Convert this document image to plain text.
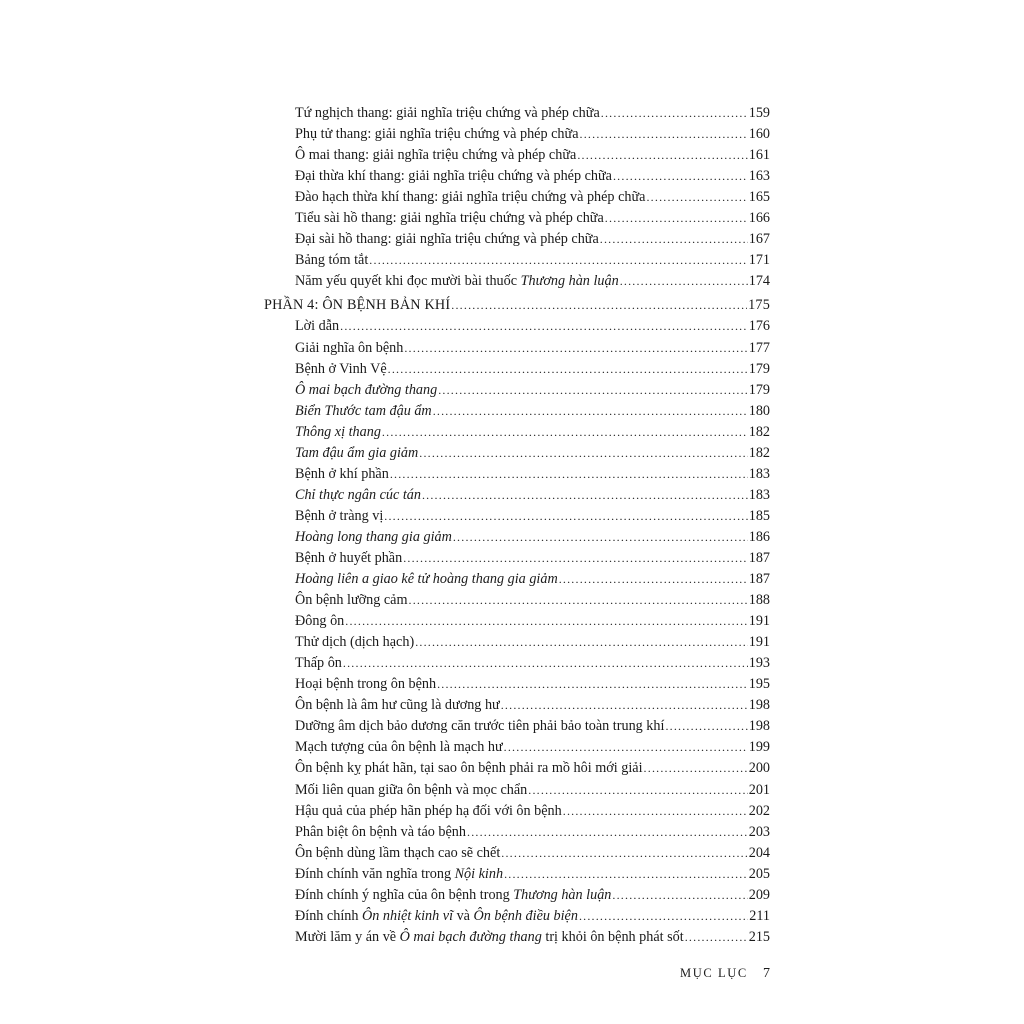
Tứ nghịch thang: giải nghĩa triệu chứng và phép chữa .....	159
Phụ tử thang: giải nghĩa triệu chứng và phép chữa .....	160
Ô mai thang: giải nghĩa triệu chứng và phép chữa .....	161
Đại thừa khí thang: giải nghĩa triệu chứng và phép chữa .....	163
Đào hạch thừa khí thang: giải nghĩa triệu chứng và phép chữa .....	165
Tiểu sài hồ thang: giải nghĩa triệu chứng và phép chữa .....	166
Đại sài hồ thang: giải nghĩa triệu chứng và phép chữa .....	167
Bảng tóm tắt .....	171
Năm yếu quyết khi đọc mười bài thuốc Thương hàn luận .....	174
PHẦN 4: ÔN BỆNH BẢN KHÍ .....	175
Lời dẫn .....	176
Giải nghĩa ôn bệnh .....	177
Bệnh ở Vinh Vệ .....	179
Ô mai bạch đường thang .....	179
Biển Thước tam đậu ẩm .....	180
Thông xị thang .....	182
Tam đậu ẩm gia giảm .....	182
Bệnh ở khí phần .....	183
Chỉ thực ngân cúc tán .....	183
Bệnh ở tràng vị .....	185
Hoàng long thang gia giảm .....	186
Bệnh ở huyết phần .....	187
Hoàng liên a giao kê tử hoàng thang gia giảm .....	187
Ôn bệnh lưỡng cảm .....	188
Đông ôn .....	191
Thử dịch (dịch hạch) .....	191
Thấp ôn .....	193
Hoại bệnh trong ôn bệnh .....	195
Ôn bệnh là âm hư cũng là dương hư .....	198
Dưỡng âm dịch bảo dương căn trước tiên phải bảo toàn trung khí .....	198
Mạch tượng của ôn bệnh là mạch hư .....	199
Ôn bệnh kỵ phát hãn, tại sao ôn bệnh phải ra mồ hôi mới giải .....	200
Mối liên quan giữa ôn bệnh và mọc chẩn .....	201
Hậu quả của phép hãn phép hạ đối với ôn bệnh .....	202
Phân biệt ôn bệnh và táo bệnh .....	203
Ôn bệnh dùng lầm thạch cao sẽ chết .....	204
Đính chính văn nghĩa trong Nội kinh .....	205
Đính chính ý nghĩa của ôn bệnh trong Thương hàn luận .....	209
Đính chính Ôn nhiệt kinh vĩ và Ôn bệnh điều biện .....	211
Mười lăm y án về Ô mai bạch đường thang trị khỏi ôn bệnh phát sốt .....	215
MỤC LỤC 7
